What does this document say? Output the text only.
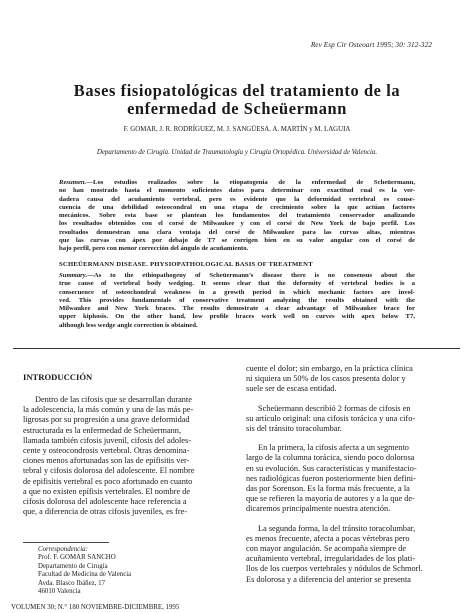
Rev Esp Cir Osteoart 1995; 30: 312-322
Bases fisiopatológicas del tratamiento de la
enfermedad de Scheüermann
F. GOMAR, J. R. RODRÍGUEZ, M. J. SANGÜESA. A. MARTÍN y M. LAGUIA
Departamento de Cirugía. Unidad de Traumatología y Cirugía Ortopédica. Universidad de Valencia.
Resumen.—Los estudios realizados sobre la etiopatogenia de la enfermedad de Scheüermann,
no han mostrado hasta el momento suficientes datos para determinar con exactitud cual es la ver-
dadera causa del acuñamiento vertebral, pero es evidente que la deformidad vertebral es conse-
cuencia de una debilidad osteocondral en una etapa de crecimiento sobre la que actúan factores
mecánicos. Sobre esta base se plantean los fundamentos del tratamiento conservador analizando
los resultados obtenidos con el corsé de Milwaukee y con el corsé de New York de bajo perfil. Los
resultados demuestran una clara ventaja del corsé de Milwaukee para las curvas altas, mientras
que las curvas con ápex por debajo de T7 se corrigen bien en su valor angular con el corsé de
bajo perfil, pero con menor corrección del ángulo de acuñamiento.
SCHEÜERMANN DISEASE. PHYSIOPATHOLOGICAL BASIS OF TREATMENT
Summary.—As to the ethiopathogeny of Scheüermann’s disease there is no consensus about the
true cause of vertebral body wedging. It seems clear that the deformity of vertebral bodies is a
consecuence of osteochondral weakness in a growth period in which mechanic factors are invol-
ved. This provides fundamentals of conservative treatment analyzing the results obtained with the
Milwaukee and New York braces. The results demostrate a clear advantage of Milwaukee brace for
upper kiphosis. On the other hand, low profile braces work well on curves with apex below T7,
although less wedge angle correction is obtained.
INTRODUCCIÓN

Dentro de las cifosis que se desarrollan durante
la adolescencia, la más común y una de las más pe-
ligrosas por su progresión a una grave deformidad
estructurada es la enfermedad de Scheüermann,
llamada también cifosis juvenil, cifosis del adoles-
cente y osteocondrosis vertebral. Otras denomina-
ciones menos afortunadas son las de epifisitis ver-
tebral y cifosis dolorosa del adolescente. El nombre
de epifisitis vertebral es poco afortunado en cuanto
a que no existen epífisis vertebrales. El nombre de
cifosis dolorosa del adolescente hace referencia a
que, a diferencia de otras cifosis juveniles, es fre-

Correspondencia:
Prof. F. GOMAR SANCHO
Departamento de Cirugía
Facultad de Medicina de Valencia
Avda. Blasco Ibáñez, 17
46010 Valencia

cuente el dolor; sin embargo, en la práctica clínica
ni siquiera un 50% de los casos presenta dolor y
suele ser de escasa entidad.

Scheüermann describió 2 formas de cifosis en
su artículo original: una cifosis torácica y una cifo-
sis del tránsito toracolumbar.

En la primera, la cifosis afecta a un segmento
largo de la columna torácica, siendo poco dolorosa
en su evolución. Sus características y manifestacio-
nes radiológicas fueron posteriormente bien defini-
das por Sorenson. Es la forma más frecuente, a la
que se refieren la mayoría de autores y a la que de-
dicaremos principalmente nuestra atención.

La segunda forma, la del tránsito toracolumbar,
es menos frecuente, afecta a pocas vértebras pero
con mayor angulación. Se acompaña siempre de
acuñamiento vertebral, irregularidades de los plati-
llos de los cuerpos vertebrales y nódulos de Schmorl.
Es dolorosa y a diferencia del anterior se presenta

VOLUMEN 30; N.° 180 NOVIEMBRE-DICIEMBRE, 1995
